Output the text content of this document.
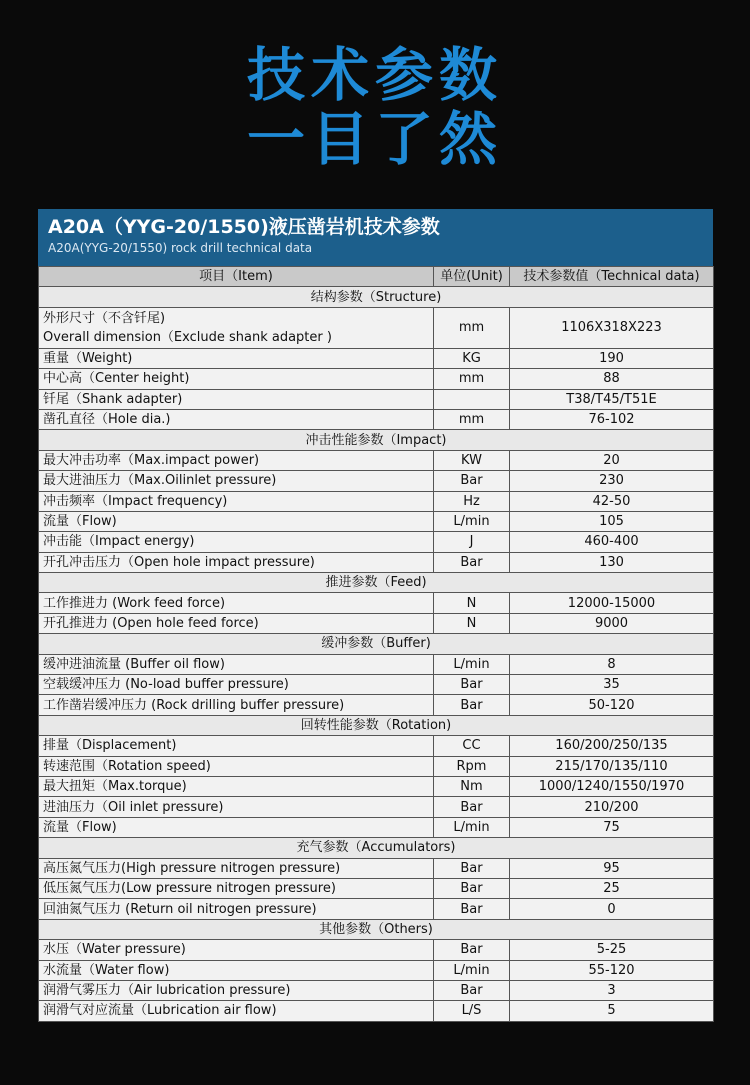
技术参数
一目了然
A20A（YYG-20/1550)液压凿岩机技术参数
A20A(YYG-20/1550) rock drill technical data
项目（Item)	单位(Unit)	技术参数值（Technical data)
结构参数（Structure)		
外形尺寸（不含钎尾)
Overall dimension（Exclude shank adapter )	mm	1106X318X223
重量（Weight)	KG	190
中心高（Center height)	mm	88
钎尾（Shank adapter)		T38/T45/T51E
凿孔直径（Hole dia.)	mm	76-102
冲击性能参数（Impact)		
最大冲击功率（Max.impact power)	KW	20
最大进油压力（Max.Oilinlet pressure)	Bar	230
冲击频率（Impact frequency)	Hz	42-50
流量（Flow)	L/min	105
冲击能（Impact energy)	J	460-400
开孔冲击压力（Open hole impact pressure)	Bar	130
推进参数（Feed)		
工作推进力 (Work feed force)	N	12000-15000
开孔推进力 (Open hole feed force)	N	9000
缓冲参数（Buffer)		
缓冲进油流量 (Buffer oil flow)	L/min	8
空载缓冲压力 (No-load buffer pressure)	Bar	35
工作凿岩缓冲压力 (Rock drilling buffer pressure)	Bar	50-120
回转性能参数（Rotation)		
排量（Displacement)	CC	160/200/250/135
转速范围（Rotation speed)	Rpm	215/170/135/110
最大扭矩（Max.torque)	Nm	1000/1240/1550/1970
进油压力（Oil inlet pressure)	Bar	210/200
流量（Flow)	L/min	75
充气参数（Accumulators)		
高压氮气压力(High pressure nitrogen pressure)	Bar	95
低压氮气压力(Low pressure nitrogen pressure)	Bar	25
回油氮气压力 (Return oil nitrogen pressure)	Bar	0
其他参数（Others)		
水压（Water pressure)	Bar	5-25
水流量（Water flow)	L/min	55-120
润滑气雾压力（Air lubrication pressure)	Bar	3
润滑气对应流量（Lubrication air flow)	L/S	5
